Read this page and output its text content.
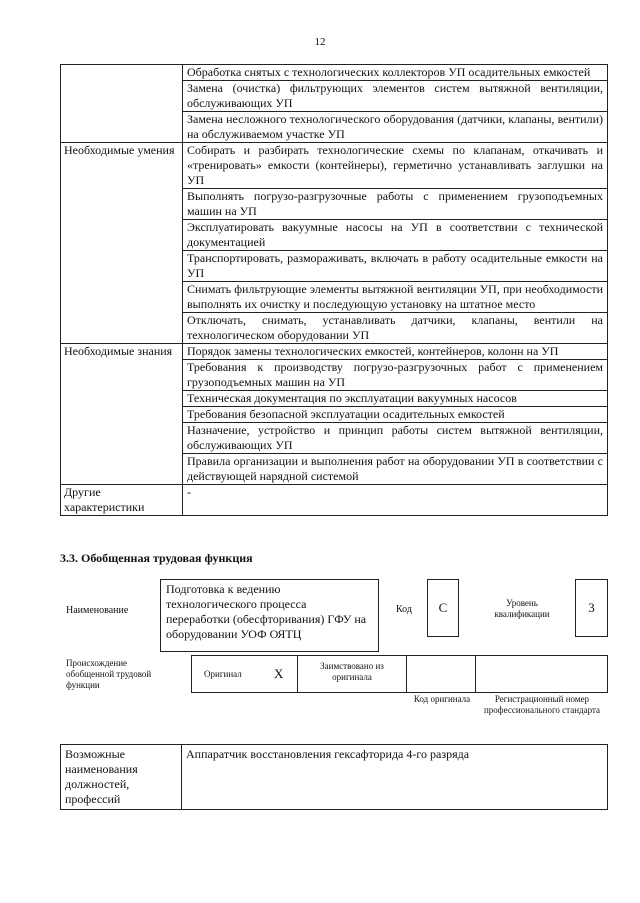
12
	Обработка снятых с технологических коллекторов УП осадительных емкостей
	Замена (очистка) фильтрующих элементов систем вытяжной вентиляции, обслуживающих УП
	Замена несложного технологического оборудования (датчики, клапаны, вентили) на обслуживаемом участке УП
Необходимые умения	Собирать и разбирать технологические схемы по клапанам, откачивать и «тренировать» емкости (контейнеры), герметично устанавливать заглушки на УП
	Выполнять погрузо-разгрузочные работы с применением грузоподъемных машин на УП
	Эксплуатировать вакуумные насосы на УП в соответствии с технической документацией
	Транспортировать, размораживать, включать в работу осадительные емкости на УП
	Снимать фильтрующие элементы вытяжной вентиляции УП, при необходимости выполнять их очистку и последующую установку на штатное место
	Отключать, снимать, устанавливать датчики, клапаны, вентили на технологическом оборудовании УП
Необходимые знания	Порядок замены технологических емкостей, контейнеров, колонн на УП
	Требования к производству погрузо-разгрузочных работ с применением грузоподъемных машин на УП
	Техническая документация по эксплуатации вакуумных насосов
	Требования безопасной эксплуатации осадительных емкостей
	Назначение, устройство и принцип работы систем вытяжной вентиляции, обслуживающих УП
	Правила организации и выполнения работ на оборудовании УП в соответствии с действующей нарядной системой
Другие характеристики	-
3.3. Обобщенная трудовая функция
Наименование
Подготовка к ведению технологического процесса переработки (обесфторивания) ГФУ на оборудовании УОФ ОЯТЦ
Код	C	Уровень квалификации	3
Происхождение обобщенной трудовой функции
Оригинал X	Заимствовано из оригинала
Код оригинала	Регистрационный номер профессионального стандарта
Возможные наименования должностей, профессий	Аппаратчик восстановления гексафторида 4-го разряда
